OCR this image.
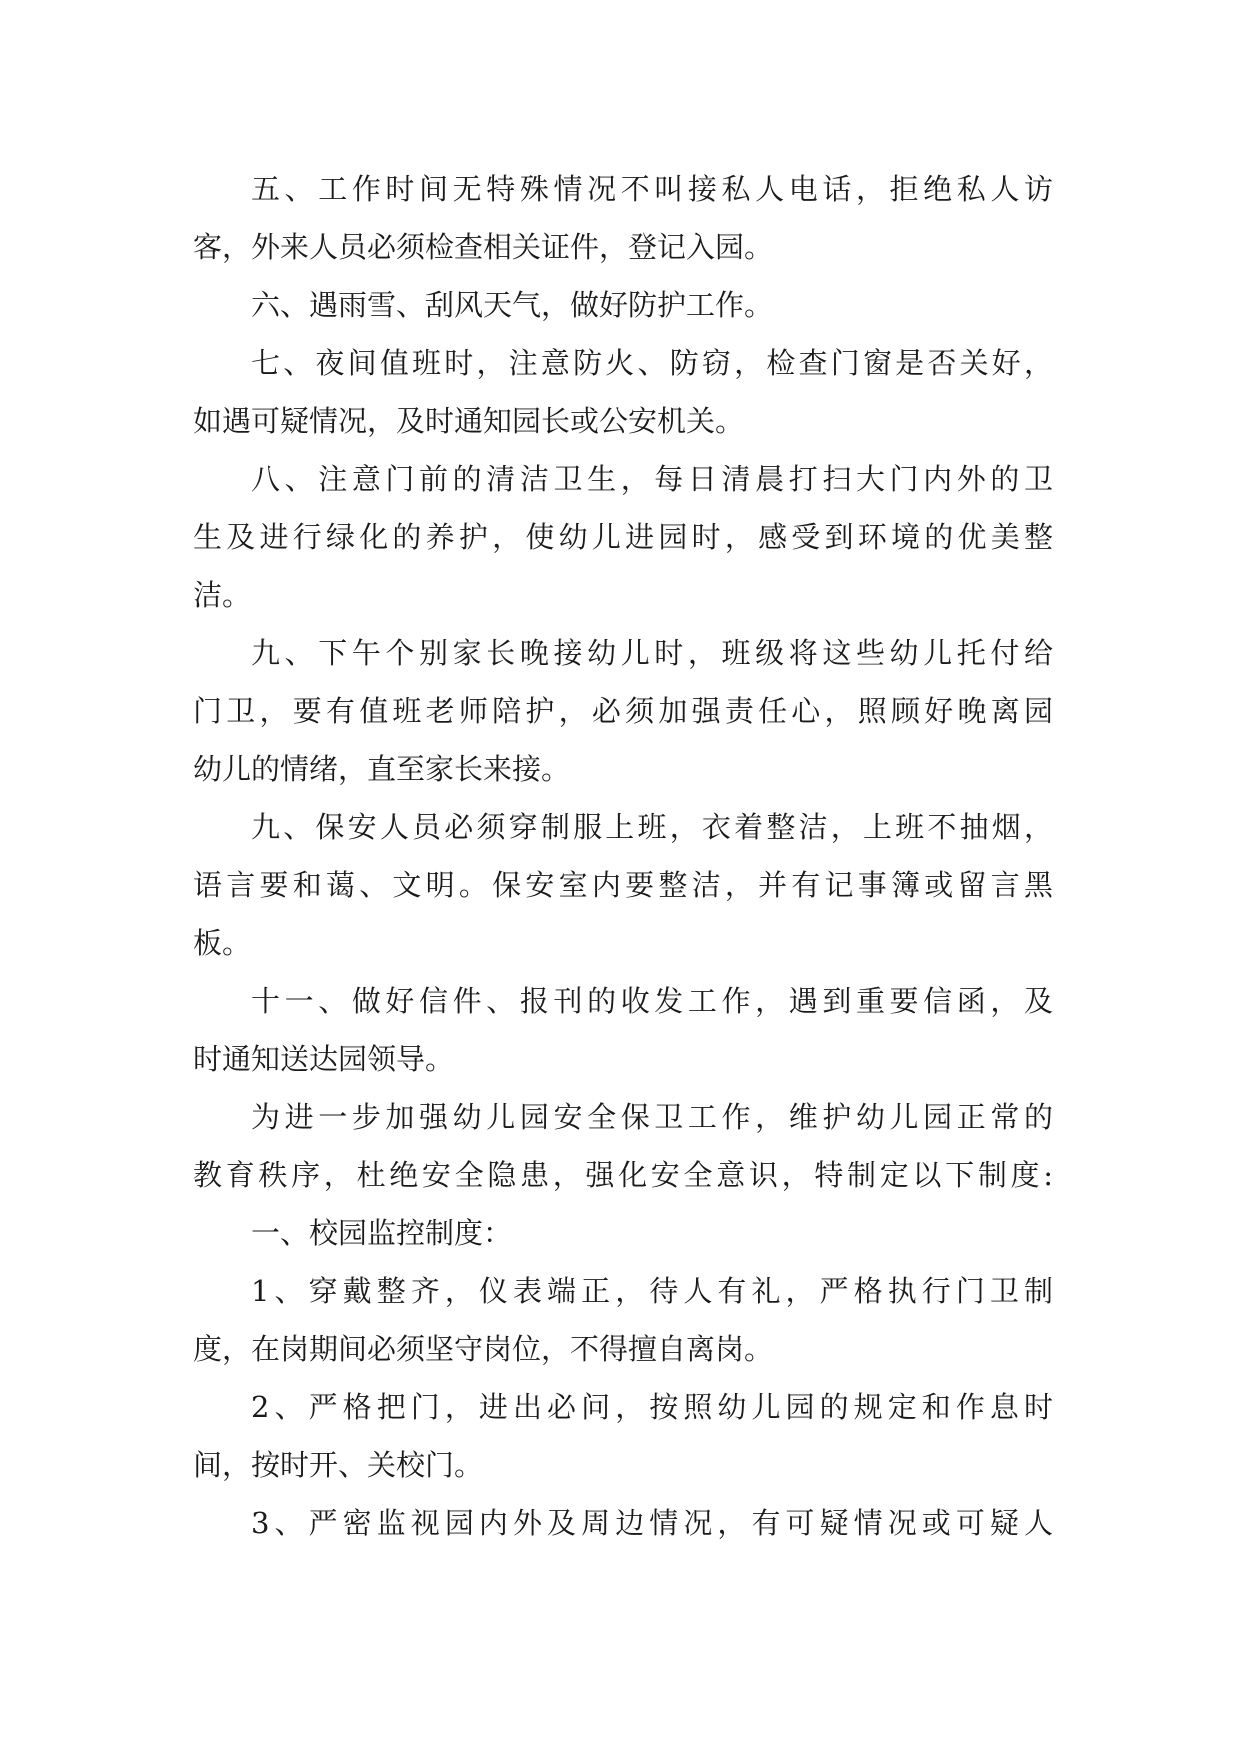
五、工作时间无特殊情况不叫接私人电话，拒绝私人访
客，外来人员必须检查相关证件，登记入园。
六、遇雨雪、刮风天气，做好防护工作。
七、夜间值班时，注意防火、防窃，检查门窗是否关好，
如遇可疑情况，及时通知园长或公安机关。
八、注意门前的清洁卫生，每日清晨打扫大门内外的卫
生及进行绿化的养护，使幼儿进园时，感受到环境的优美整
洁。
九、下午个别家长晚接幼儿时，班级将这些幼儿托付给
门卫，要有值班老师陪护，必须加强责任心，照顾好晚离园
幼儿的情绪，直至家长来接。
九、保安人员必须穿制服上班，衣着整洁，上班不抽烟，
语言要和蔼、文明。保安室内要整洁，并有记事簿或留言黑
板。
十一、做好信件、报刊的收发工作，遇到重要信函，及
时通知送达园领导。
为进一步加强幼儿园安全保卫工作，维护幼儿园正常的
教育秩序，杜绝安全隐患，强化安全意识，特制定以下制度:
一、校园监控制度：
1、穿戴整齐，仪表端正，待人有礼，严格执行门卫制
度，在岗期间必须坚守岗位，不得擅自离岗。
2、严格把门，进出必问，按照幼儿园的规定和作息时
间，按时开、关校门。
3、严密监视园内外及周边情况，有可疑情况或可疑人
